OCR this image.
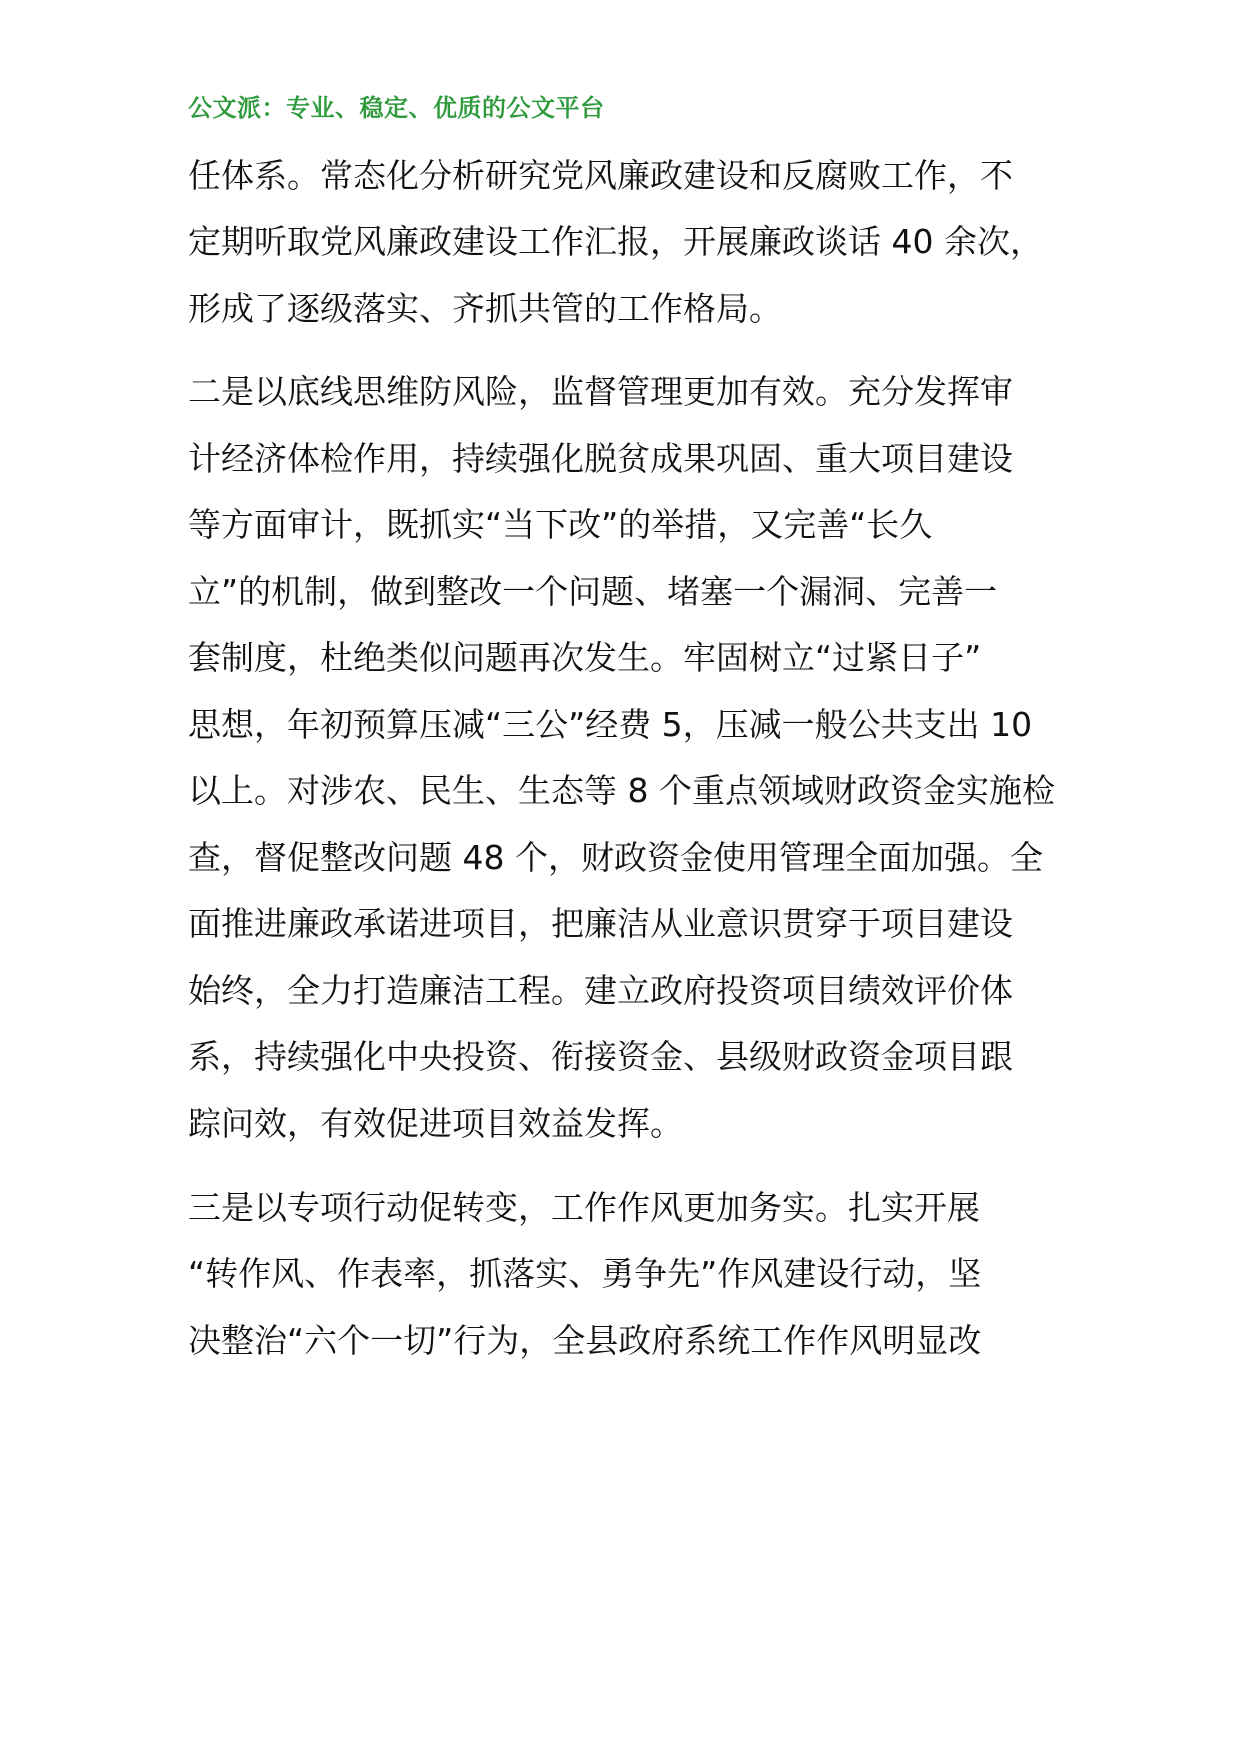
公文派：专业、稳定、优质的公文平台
任体系。常态化分析研究党风廉政建设和反腐败工作，不
定期听取党风廉政建设工作汇报，开展廉政谈话 40 余次，
形成了逐级落实、齐抓共管的工作格局。
二是以底线思维防风险，监督管理更加有效。充分发挥审
计经济体检作用，持续强化脱贫成果巩固、重大项目建设
等方面审计，既抓实“当下改”的举措，又完善“长久
立”的机制，做到整改一个问题、堵塞一个漏洞、完善一
套制度，杜绝类似问题再次发生。牢固树立“过紧日子”
思想，年初预算压减“三公”经费 5，压减一般公共支出 10
以上。对涉农、民生、生态等 8 个重点领域财政资金实施检
查，督促整改问题 48 个，财政资金使用管理全面加强。全
面推进廉政承诺进项目，把廉洁从业意识贯穿于项目建设
始终，全力打造廉洁工程。建立政府投资项目绩效评价体
系，持续强化中央投资、衔接资金、县级财政资金项目跟
踪问效，有效促进项目效益发挥。
三是以专项行动促转变，工作作风更加务实。扎实开展
“转作风、作表率，抓落实、勇争先”作风建设行动，坚
决整治“六个一切”行为，全县政府系统工作作风明显改
